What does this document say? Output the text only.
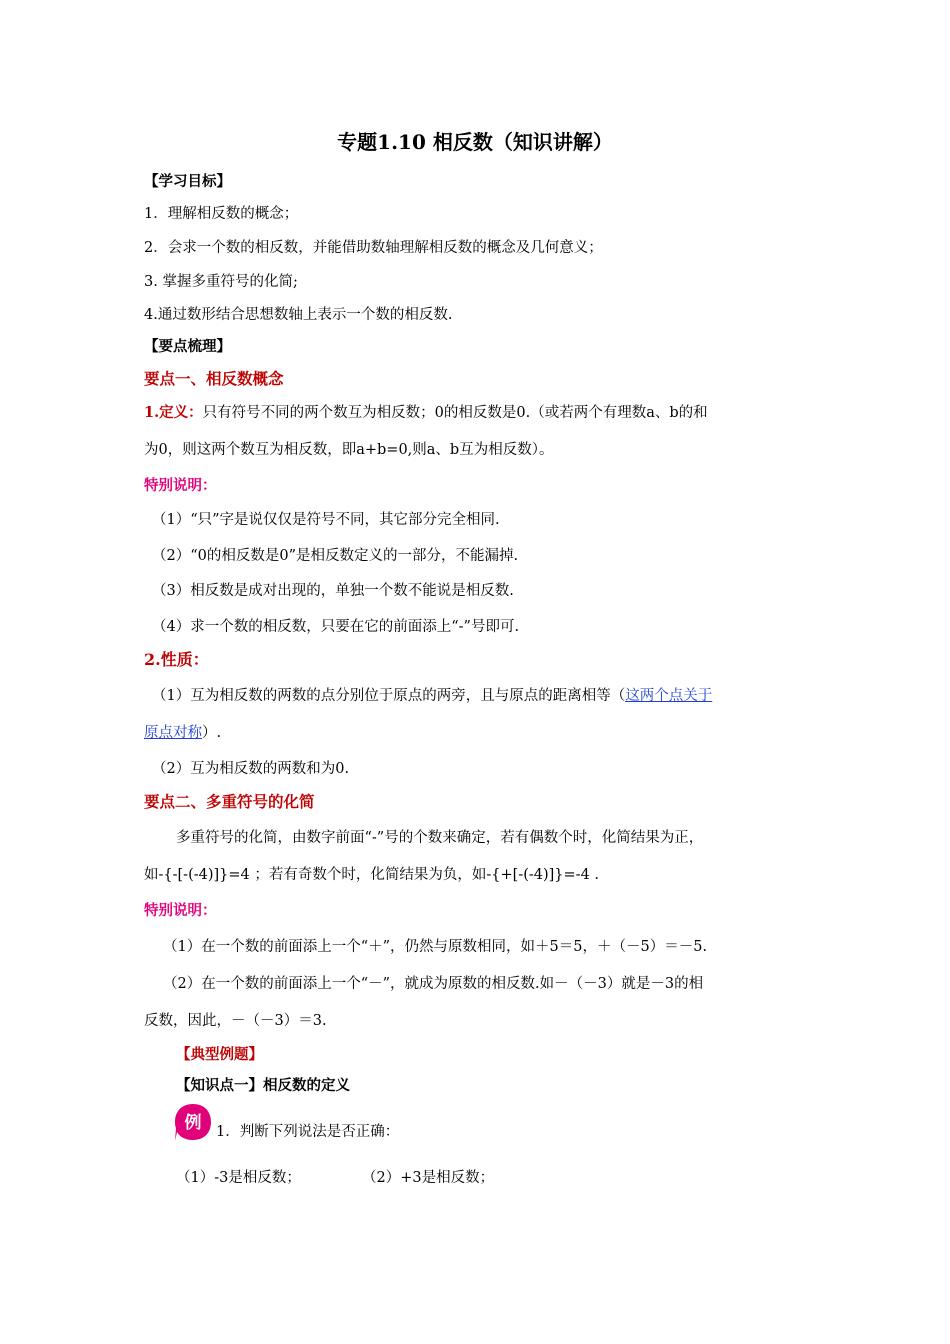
专题1.10 相反数（知识讲解）
【学习目标】
1．理解相反数的概念；
2．会求一个数的相反数，并能借助数轴理解相反数的概念及几何意义；
3. 掌握多重符号的化简;
4.通过数形结合思想数轴上表示一个数的相反数.
【要点梳理】
要点一、相反数概念
1.定义：只有符号不同的两个数互为相反数；0的相反数是0.（或若两个有理数a、b的和
为0，则这两个数互为相反数，即a+b=0,则a、b互为相反数）。
特别说明：
（1）“只”字是说仅仅是符号不同，其它部分完全相同.
（2）“0的相反数是0”是相反数定义的一部分，不能漏掉.
（3）相反数是成对出现的，单独一个数不能说是相反数.
（4）求一个数的相反数，只要在它的前面添上“-”号即可.
2.性质：
（1）互为相反数的两数的点分别位于原点的两旁，且与原点的距离相等（这两个点关于
原点对称）.
（2）互为相反数的两数和为0.
要点二、多重符号的化简
多重符号的化简，由数字前面“-”号的个数来确定，若有偶数个时，化简结果为正，
如-{-[-(-4)]}=4 ；若有奇数个时，化简结果为负，如-{+[-(-4)]}=-4 .
特别说明：
（1）在一个数的前面添上一个“＋”，仍然与原数相同，如＋5＝5，＋（－5）＝－5.
（2）在一个数的前面添上一个“－”，就成为原数的相反数.如－（－3）就是－3的相
反数，因此，－（－3）＝3.
【典型例题】
【知识点一】相反数的定义
例 1．判断下列说法是否正确：
（1）-3是相反数；	（2）+3是相反数；
